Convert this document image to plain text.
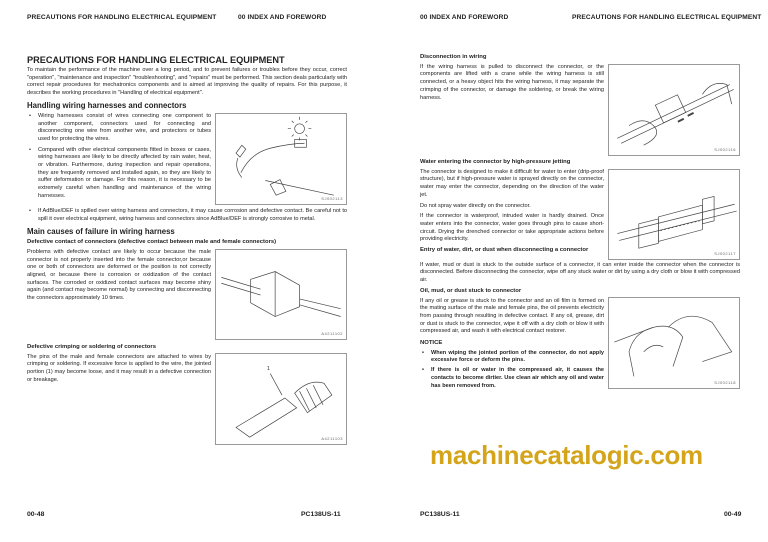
PRECAUTIONS FOR HANDLING ELECTRICAL EQUIPMENT	00 INDEX AND FOREWORD
PRECAUTIONS FOR HANDLING ELECTRICAL EQUIPMENT

To maintain the performance of the machine over a long period, and to prevent failures or troubles before they occur, correct "operation", "maintenance and inspection" "troubleshooting", and "repairs" must be performed. This section deals particularly with correct repair procedures for mechatronics components and is aimed at improving the quality of repairs. For this purpose, it describes the working procedures in "Handling of electrical equipment".

Handling wiring harnesses and connectors

• Wiring harnesses consist of wires connecting one component to another component, connectors used for connecting and disconnecting one wire from another wire, and protectors or tubes used for protecting the wires.

• Compared with other electrical components fitted in boxes or cases, wiring harnesses are likely to be directly affected by rain water, heat, or vibration. Furthermore, during inspection and repair operations, they are frequently removed and installed again, so they are likely to suffer deformation or damage. For this reason, it is necessary to be extremely careful when handling and maintenance of the wiring harnesses.	SJ002113

• If AdBlue/DEF is spilled over wiring harness and connectors, it may cause corrosion and defective contact. Be careful not to spill it over electrical equipment, wiring harness and connectors since AdBlue/DEF is strongly corrosive to metal.

Main causes of failure in wiring harness
Defective contact of connectors (defective contact between male and female connectors)

Problems with defective contact are likely to occur because the male connector is not properly inserted into the female connector,or because one or both of connectors are deformed or the position is not correctly aligned, or because there is corrosion or oxidization of the contact surfaces. The corroded or oxidized contact surfaces may become shiny again (and contact may become normal) by connecting and disconnecting the connectors approximately 10 times.

A4211102
Defective crimping or soldering of connectors

The pins of the male and female connectors are attached to wires by crimping or soldering. If excessive force is applied to the wire, the jointed portion (1) may become loose, and it may result in a defective connection or breakage.

1
A4211103
00-48	PC138US-11
00 INDEX AND FOREWORD	PRECAUTIONS FOR HANDLING ELECTRICAL EQUIPMENT
Disconnection in wiring

If the wiring harness is pulled to disconnect the connector, or the components are lifted with a crane while the wiring harness is still connected, or a heavy object hits the wiring harness, it may separate the crimping of the connector, or damage the soldering, or break the wiring harness.

SJ002116
Water entering the connector by high-pressure jetting

The connector is designed to make it difficult for water to enter (drip-proof structure), but if high-pressure water is sprayed directly on the connector, water may enter the connector, depending on the direction of the water jet.

Do not spray water directly on the connector.

If the connector is waterproof, intruded water is hardly drained. Once water enters into the connector, water goes through pins to cause short-circuit. Drying the drenched connector or take appropriate actions before providing electricity.

Entry of water, dirt, or dust when disconnecting a connector
SJ002117

If water, mud or dust is stuck to the outside surface of a connector, it can enter inside the connector when the connector is disconnected. Before disconnecting the connector, wipe off any stuck water or dirt by using a dry cloth or blow it with compressed air.

Oil, mud, or dust stuck to connector

If any oil or grease is stuck to the connector and an oil film is formed on the mating surface of the male and female pins, the oil prevents electricity from passing through resulting in defective contact. If any oil, grease, dirt or dust is stuck to the connector, wipe it off with a dry cloth or blow it with compressed air, and wash it with electrical contact restorer.

NOTICE

• When wiping the jointed portion of the connector, do not apply excessive force or deform the pins.

• If there is oil or water in the compressed air, it causes the contacts to become dirtier. Use clean air which any oil and water has been removed from.

SJ002118
PC138US-11	00-49
machinecatalogic.com
